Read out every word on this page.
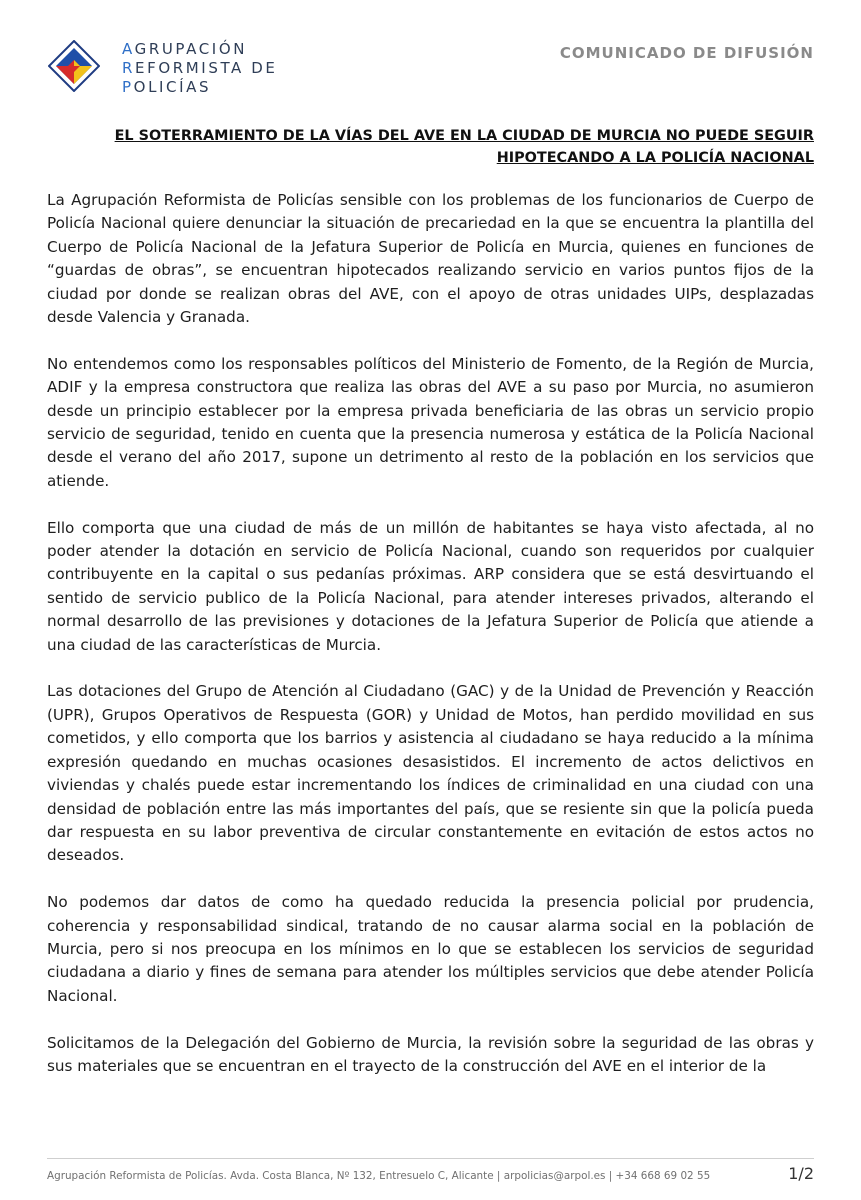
AGRUPACIÓN
REFORMISTA DE
POLICÍAS
COMUNICADO DE DIFUSIÓN
EL SOTERRAMIENTO DE LA VÍAS DEL AVE EN LA CIUDAD DE MURCIA NO PUEDE SEGUIR
HIPOTECANDO A LA POLICÍA NACIONAL

La Agrupación Reformista de Policías sensible con los problemas de los funcionarios de Cuerpo de Policía Nacional quiere denunciar la situación de precariedad en la que se encuentra la plantilla del Cuerpo de Policía Nacional de la Jefatura Superior de Policía en Murcia, quienes en funciones de “guardas de obras”, se encuentran hipotecados realizando servicio en varios puntos fijos de la ciudad por donde se realizan obras del AVE, con el apoyo de otras unidades UIPs, desplazadas desde Valencia y Granada.

No entendemos como los responsables políticos del Ministerio de Fomento, de la Región de Murcia, ADIF y la empresa constructora que realiza las obras del AVE a su paso por Murcia, no asumieron desde un principio establecer por la empresa privada beneficiaria de las obras un servicio propio servicio de seguridad, tenido en cuenta que la presencia numerosa y estática de la Policía Nacional desde el verano del año 2017, supone un detrimento al resto de la población en los servicios que atiende.

Ello comporta que una ciudad de más de un millón de habitantes se haya visto afectada, al no poder atender la dotación en servicio de Policía Nacional, cuando son requeridos por cualquier contribuyente en la capital o sus pedanías próximas. ARP considera que se está desvirtuando el sentido de servicio publico de la Policía Nacional, para atender intereses privados, alterando el normal desarrollo de las previsiones y dotaciones de la Jefatura Superior de Policía que atiende a una ciudad de las características de Murcia.

Las dotaciones del Grupo de Atención al Ciudadano (GAC) y de la Unidad de Prevención y Reacción (UPR), Grupos Operativos de Respuesta (GOR) y Unidad de Motos, han perdido movilidad en sus cometidos, y ello comporta que los barrios y asistencia al ciudadano se haya reducido a la mínima expresión quedando en muchas ocasiones desasistidos. El incremento de actos delictivos en viviendas y chalés puede estar incrementando los índices de criminalidad en una ciudad con una densidad de población entre las más importantes del país, que se resiente sin que la policía pueda dar respuesta en su labor preventiva de circular constantemente en evitación de estos actos no deseados.

No podemos dar datos de como ha quedado reducida la presencia policial por prudencia, coherencia y responsabilidad sindical, tratando de no causar alarma social en la población de Murcia, pero si nos preocupa en los mínimos en lo que se establecen los servicios de seguridad ciudadana a diario y fines de semana para atender los múltiples servicios que debe atender Policía Nacional.

Solicitamos de la Delegación del Gobierno de Murcia, la revisión sobre la seguridad de las obras y sus materiales que se encuentran en el trayecto de la construcción del AVE en el interior de la

Agrupación Reformista de Policías. Avda. Costa Blanca, Nº 132, Entresuelo C, Alicante | arpolicias@arpol.es | +34 668 69 02 55	1/2
